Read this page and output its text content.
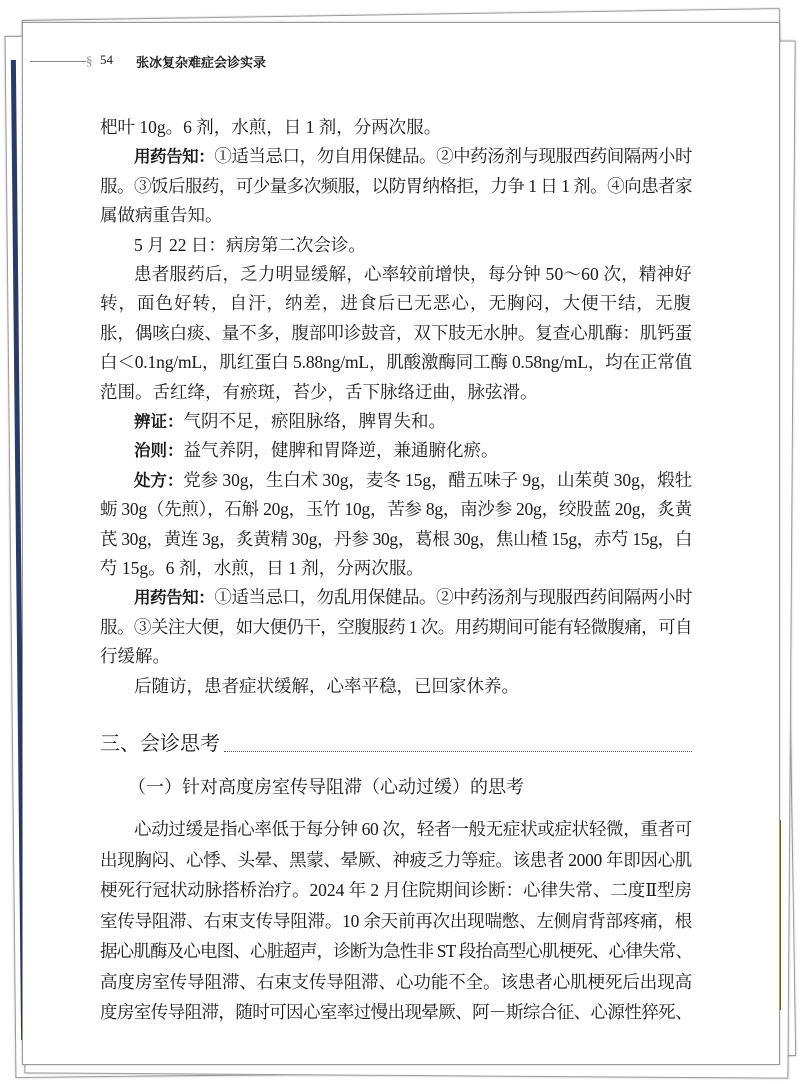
§ 54 张冰复杂难症会诊实录
杷叶 10g。6 剂，水煎，日 1 剂，分两次服。
用药告知：①适当忌口，勿自用保健品。②中药汤剂与现服西药间隔两小时
服。③饭后服药，可少量多次频服，以防胃纳格拒，力争 1 日 1 剂。④向患者家
属做病重告知。
5 月 22 日：病房第二次会诊。
患者服药后，乏力明显缓解，心率较前增快，每分钟 50～60 次，精神好
转，面色好转，自汗，纳差，进食后已无恶心，无胸闷，大便干结，无腹
胀，偶咳白痰、量不多，腹部叩诊鼓音，双下肢无水肿。复查心肌酶：肌钙蛋
白＜0.1ng/mL，肌红蛋白 5.88ng/mL，肌酸激酶同工酶 0.58ng/mL，均在正常值
范围。舌红绛，有瘀斑，苔少，舌下脉络迂曲，脉弦滑。
辨证：气阴不足，瘀阻脉络，脾胃失和。
治则：益气养阴，健脾和胃降逆，兼通腑化瘀。
处方：党参 30g，生白术 30g，麦冬 15g，醋五味子 9g，山茱萸 30g，煅牡
蛎 30g（先煎），石斛 20g，玉竹 10g，苦参 8g，南沙参 20g，绞股蓝 20g，炙黄
芪 30g，黄连 3g，炙黄精 30g，丹参 30g，葛根 30g，焦山楂 15g，赤芍 15g，白
芍 15g。6 剂，水煎，日 1 剂，分两次服。
用药告知：①适当忌口，勿乱用保健品。②中药汤剂与现服西药间隔两小时
服。③关注大便，如大便仍干，空腹服药 1 次。用药期间可能有轻微腹痛，可自
行缓解。
后随访，患者症状缓解，心率平稳，已回家休养。
三、会诊思考
（一）针对高度房室传导阻滞（心动过缓）的思考
心动过缓是指心率低于每分钟 60 次，轻者一般无症状或症状轻微，重者可
出现胸闷、心悸、头晕、黑蒙、晕厥、神疲乏力等症。该患者 2000 年即因心肌
梗死行冠状动脉搭桥治疗。2024 年 2 月住院期间诊断：心律失常、二度Ⅱ型房
室传导阻滞、右束支传导阻滞。10 余天前再次出现喘憋、左侧肩背部疼痛，根
据心肌酶及心电图、心脏超声，诊断为急性非 ST 段抬高型心肌梗死、心律失常、
高度房室传导阻滞、右束支传导阻滞、心功能不全。该患者心肌梗死后出现高
度房室传导阻滞，随时可因心室率过慢出现晕厥、阿－斯综合征、心源性猝死、
